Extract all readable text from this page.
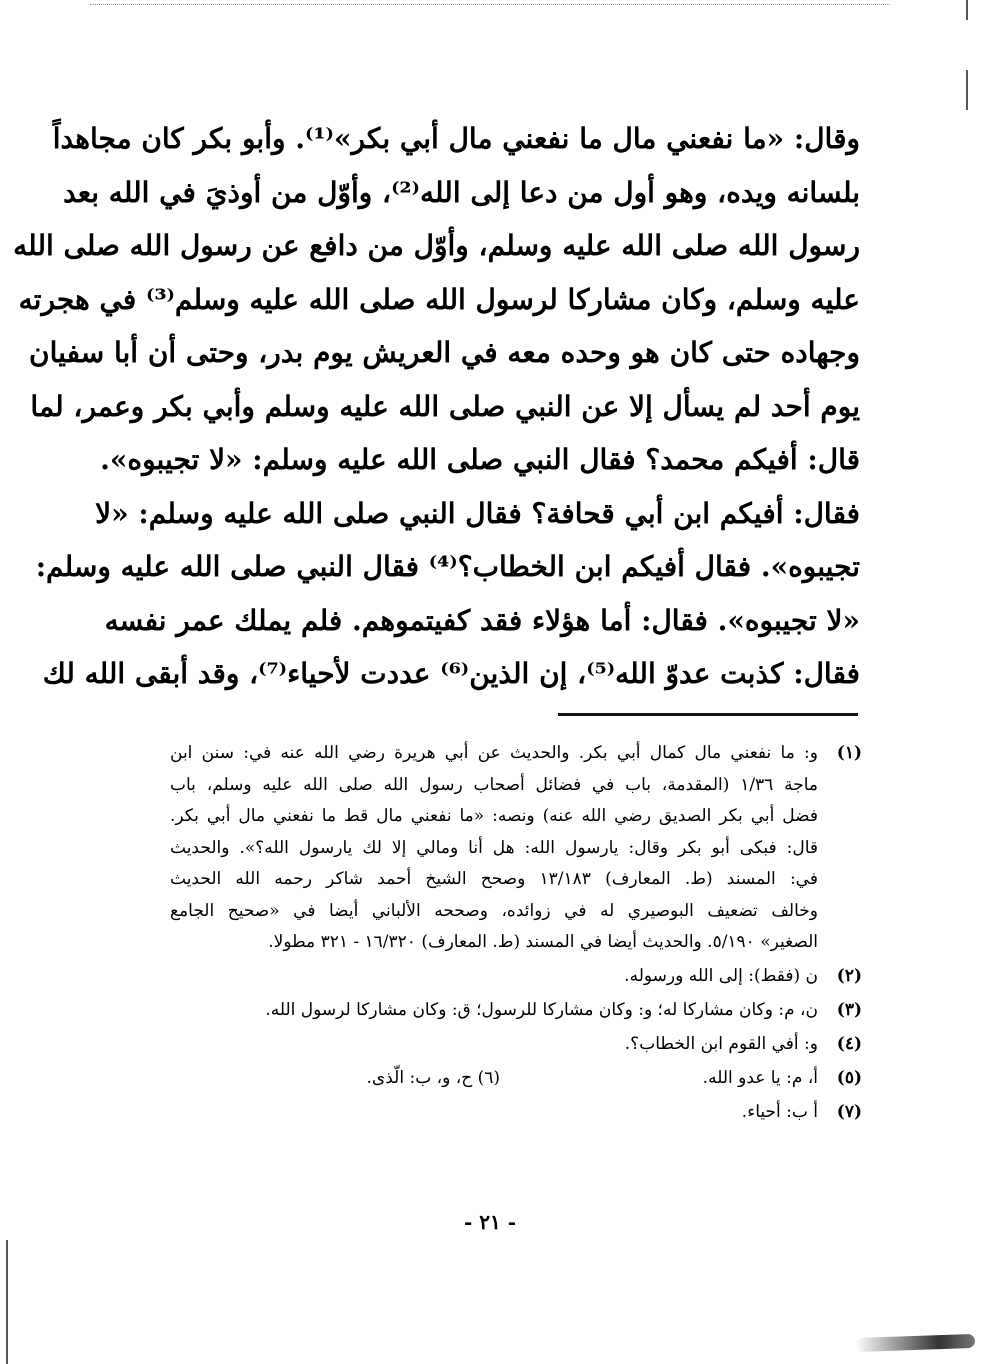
وقال: «ما نفعني مال ما نفعني مال أبي بكر»⁽¹⁾. وأبو بكر كان مجاهداً
بلسانه ويده، وهو أول من دعا إلى الله⁽²⁾، وأوّل من أوذيَ في الله بعد
رسول الله صلى الله عليه وسلم، وأوّل من دافع عن رسول الله صلى الله
عليه وسلم، وكان مشاركا لرسول الله صلى الله عليه وسلم⁽³⁾ في هجرته
وجهاده حتى كان هو وحده معه في العريش يوم بدر، وحتى أن أبا سفيان
يوم أحد لم يسأل إلا عن النبي صلى الله عليه وسلم وأبي بكر وعمر، لما
قال: أفيكم محمد؟ فقال النبي صلى الله عليه وسلم: «لا تجيبوه».
فقال: أفيكم ابن أبي قحافة؟ فقال النبي صلى الله عليه وسلم: «لا
تجيبوه». فقال أفيكم ابن الخطاب؟⁽⁴⁾ فقال النبي صلى الله عليه وسلم:
«لا تجيبوه». فقال: أما هؤلاء فقد كفيتموهم. فلم يملك عمر نفسه
فقال: كذبت عدوّ الله⁽⁵⁾، إن الذين⁽⁶⁾ عددت لأحياء⁽⁷⁾، وقد أبقى الله لك
(١)
و: ما نفعني مال كمال أبي بكر. والحديث عن أبي هريرة رضي الله عنه في: سنن ابن
ماجة ١/٣٦ (المقدمة، باب في فضائل أصحاب رسول الله صلى الله عليه وسلم، باب
فضل أبي بكر الصديق رضي الله عنه) ونصه: «ما نفعني مال قط ما نفعني مال أبي بكر.
قال: فبكى أبو بكر وقال: يارسول الله: هل أنا ومالي إلا لك يارسول الله؟». والحديث
في: المسند (ط. المعارف) ١٣/١٨٣ وصحح الشيخ أحمد شاكر رحمه الله الحديث
وخالف تضعيف البوصيري له في زوائده، وصححه الألباني أيضا في «صحيح الجامع
الصغير» ٥/١٩٠. والحديث أيضا في المسند (ط. المعارف) ١٦/٣٢٠ - ٣٢١ مطولا.
(٢)
ن (فقط): إلى الله ورسوله.
(٣)
ن، م: وكان مشاركا له؛ و: وكان مشاركا للرسول؛ ق: وكان مشاركا لرسول الله.
(٤)
و: أفي القوم ابن الخطاب؟.
(٥)
أ، م: يا عدو الله.
(٦) ح، و، ب: الّذى.
(٧)
أ ب: أحياء.
- ٢١ -
